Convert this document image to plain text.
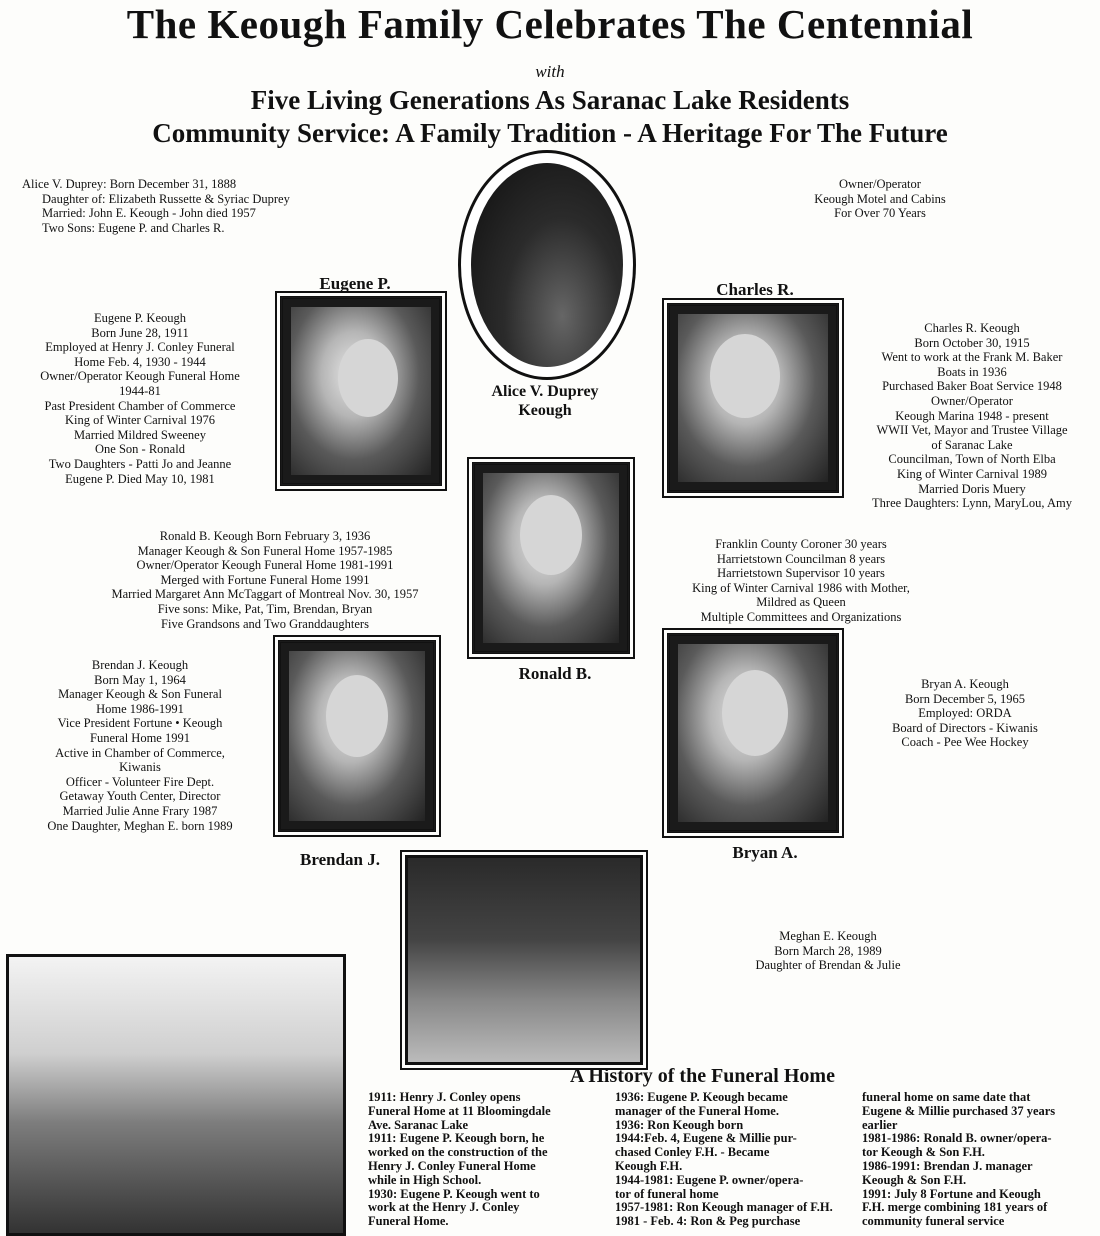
The Keough Family Celebrates The Centennial
with
Five Living Generations As Saranac Lake Residents
Community Service: A Family Tradition - A Heritage For The Future
Alice V. Duprey: Born December 31, 1888
Daughter of: Elizabeth Russette & Syriac Duprey
Married: John E. Keough - John died 1957
Two Sons: Eugene P. and Charles R.
Owner/Operator
Keough Motel and Cabins
For Over 70 Years
Alice V. Duprey
Keough
Eugene P.
Eugene P. Keough
Born June 28, 1911
Employed at Henry J. Conley Funeral
Home Feb. 4, 1930 - 1944
Owner/Operator Keough Funeral Home
1944-81
Past President Chamber of Commerce
King of Winter Carnival 1976
Married Mildred Sweeney
One Son - Ronald
Two Daughters - Patti Jo and Jeanne
Eugene P. Died May 10, 1981
Charles R.
Charles R. Keough
Born October 30, 1915
Went to work at the Frank M. Baker
Boats in 1936
Purchased Baker Boat Service 1948
Owner/Operator
Keough Marina 1948 - present
WWII Vet, Mayor and Trustee Village
of Saranac Lake
Councilman, Town of North Elba
King of Winter Carnival 1989
Married Doris Muery
Three Daughters: Lynn, MaryLou, Amy
Ronald B.
Ronald B. Keough Born February 3, 1936
Manager Keough & Son Funeral Home 1957-1985
Owner/Operator Keough Funeral Home 1981-1991
Merged with Fortune Funeral Home 1991
Married Margaret Ann McTaggart of Montreal Nov. 30, 1957
Five sons: Mike, Pat, Tim, Brendan, Bryan
Five Grandsons and Two Granddaughters
Franklin County Coroner 30 years
Harrietstown Councilman 8 years
Harrietstown Supervisor 10 years
King of Winter Carnival 1986 with Mother,
Mildred as Queen
Multiple Committees and Organizations
Brendan J.
Brendan J. Keough
Born May 1, 1964
Manager Keough & Son Funeral
Home 1986-1991
Vice President Fortune • Keough
Funeral Home 1991
Active in Chamber of Commerce,
Kiwanis
Officer - Volunteer Fire Dept.
Getaway Youth Center, Director
Married Julie Anne Frary 1987
One Daughter, Meghan E. born 1989
Bryan A.
Bryan A. Keough
Born December 5, 1965
Employed: ORDA
Board of Directors - Kiwanis
Coach - Pee Wee Hockey
Meghan E. Keough
Born March 28, 1989
Daughter of Brendan & Julie
A History of the Funeral Home

1911: Henry J. Conley opens

Funeral Home at 11 Bloomingdale

Ave. Saranac Lake

1911: Eugene P. Keough born, he

worked on the construction of the

Henry J. Conley Funeral Home

while in High School.

1930: Eugene P. Keough went to

work at the Henry J. Conley

Funeral Home.

1936: Eugene P. Keough became

manager of the Funeral Home.

1936: Ron Keough born

1944:Feb. 4, Eugene & Millie pur-

chased Conley F.H. - Became

Keough F.H.

1944-1981: Eugene P. owner/opera-

tor of funeral home

1957-1981: Ron Keough manager of F.H.

1981 - Feb. 4: Ron & Peg purchase

funeral home on same date that

Eugene & Millie purchased 37 years

earlier

1981-1986: Ronald B. owner/opera-

tor Keough & Son F.H.

1986-1991: Brendan J. manager

Keough & Son F.H.

1991: July 8 Fortune and Keough

F.H. merge combining 181 years of

community funeral service
